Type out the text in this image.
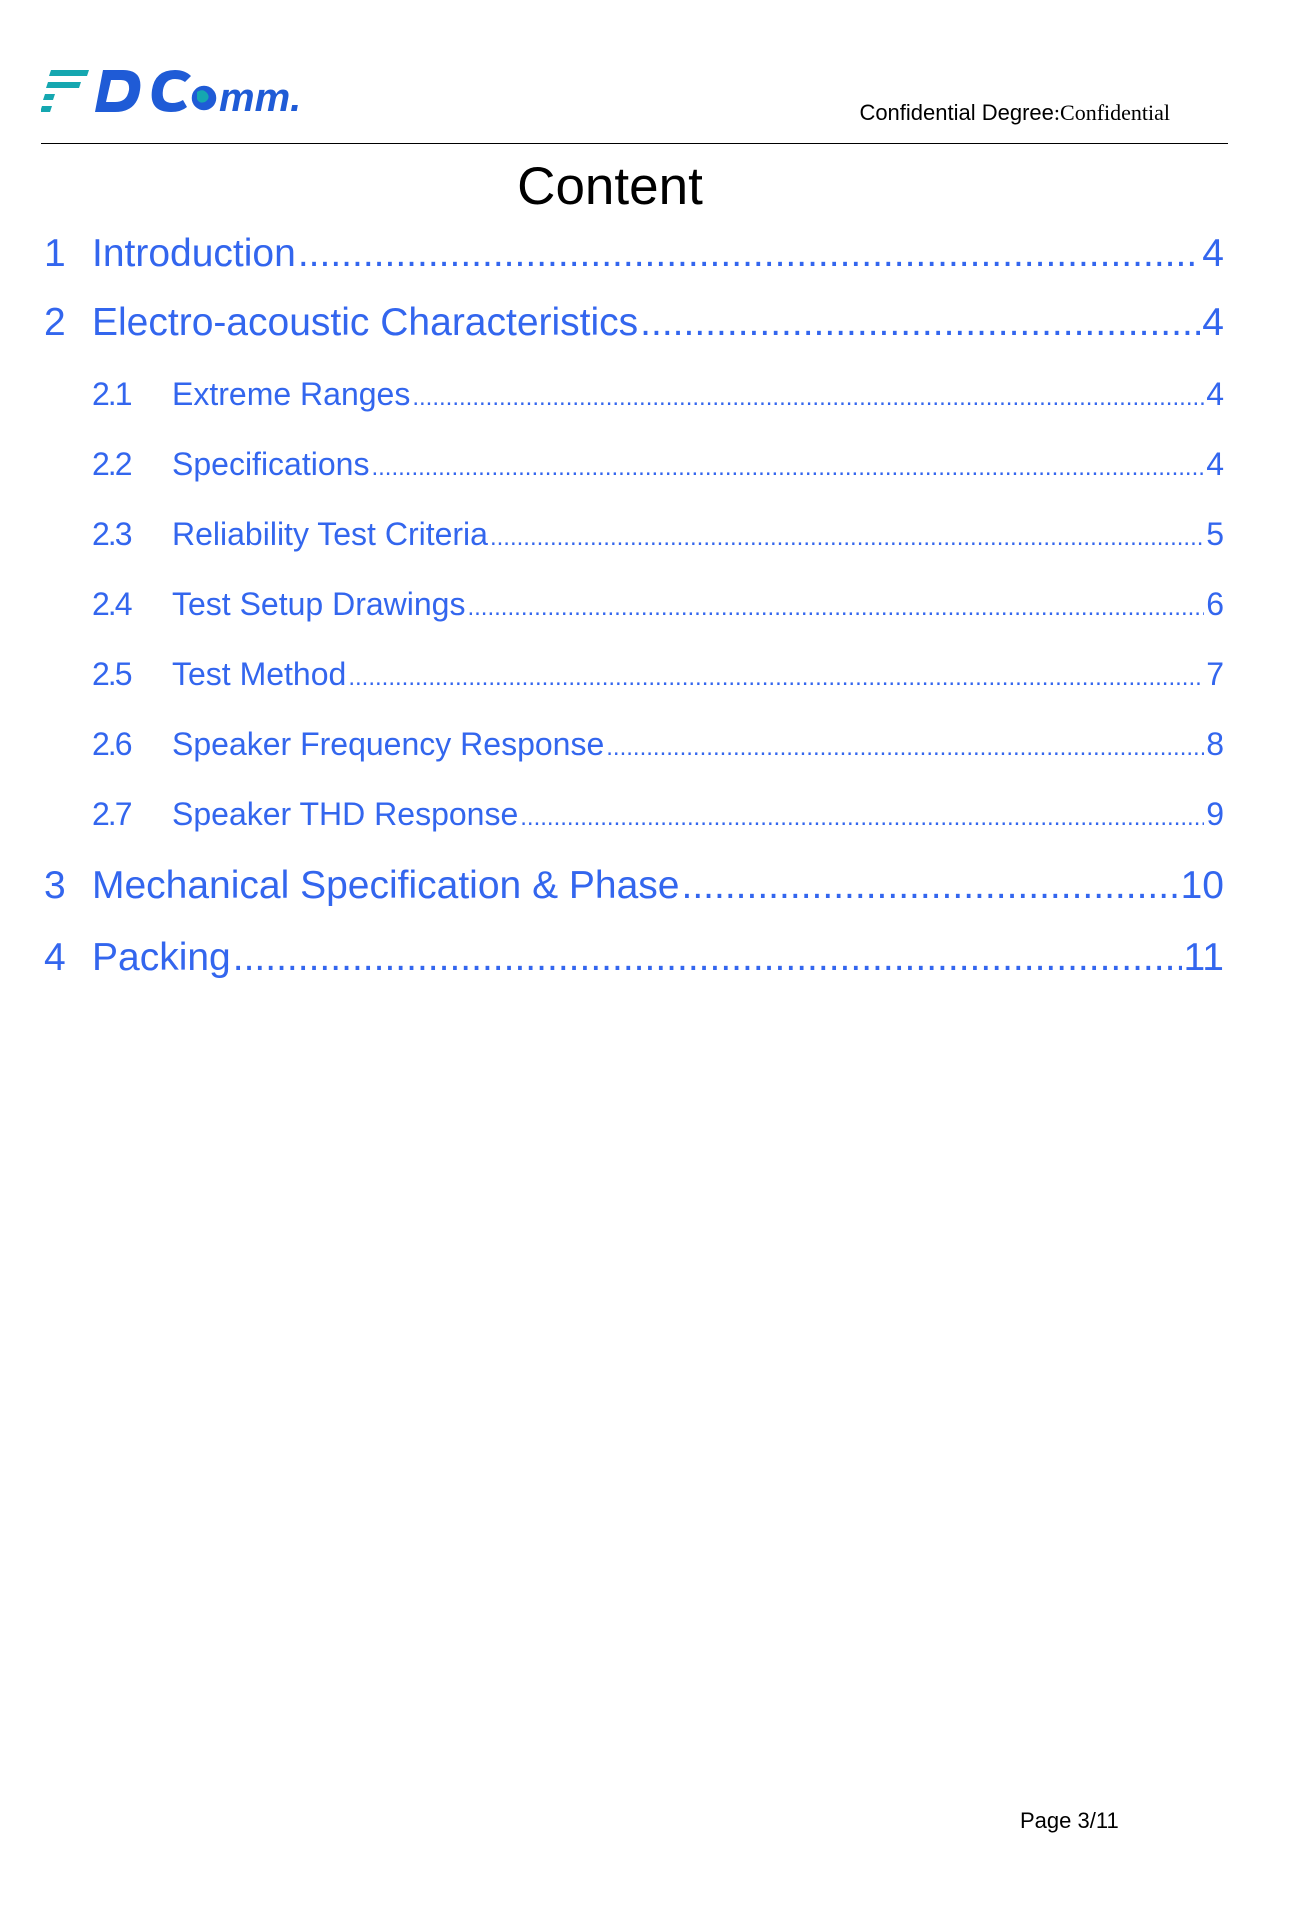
mm.	Confidential Degree:Confidential
Content
1 Introduction .....	4
2 Electro-acoustic Characteristics .....	4
2.1	Extreme Ranges .....	4
2.2	Specifications .....	4
2.3	Reliability Test Criteria .....	5
2.4	Test Setup Drawings .....	6
2.5	Test Method .....	7
2.6	Speaker Frequency Response .....	8
2.7	Speaker THD Response .....	9
3 Mechanical Specification & Phase .....	10
4 Packing .....	11
Page 3/11
